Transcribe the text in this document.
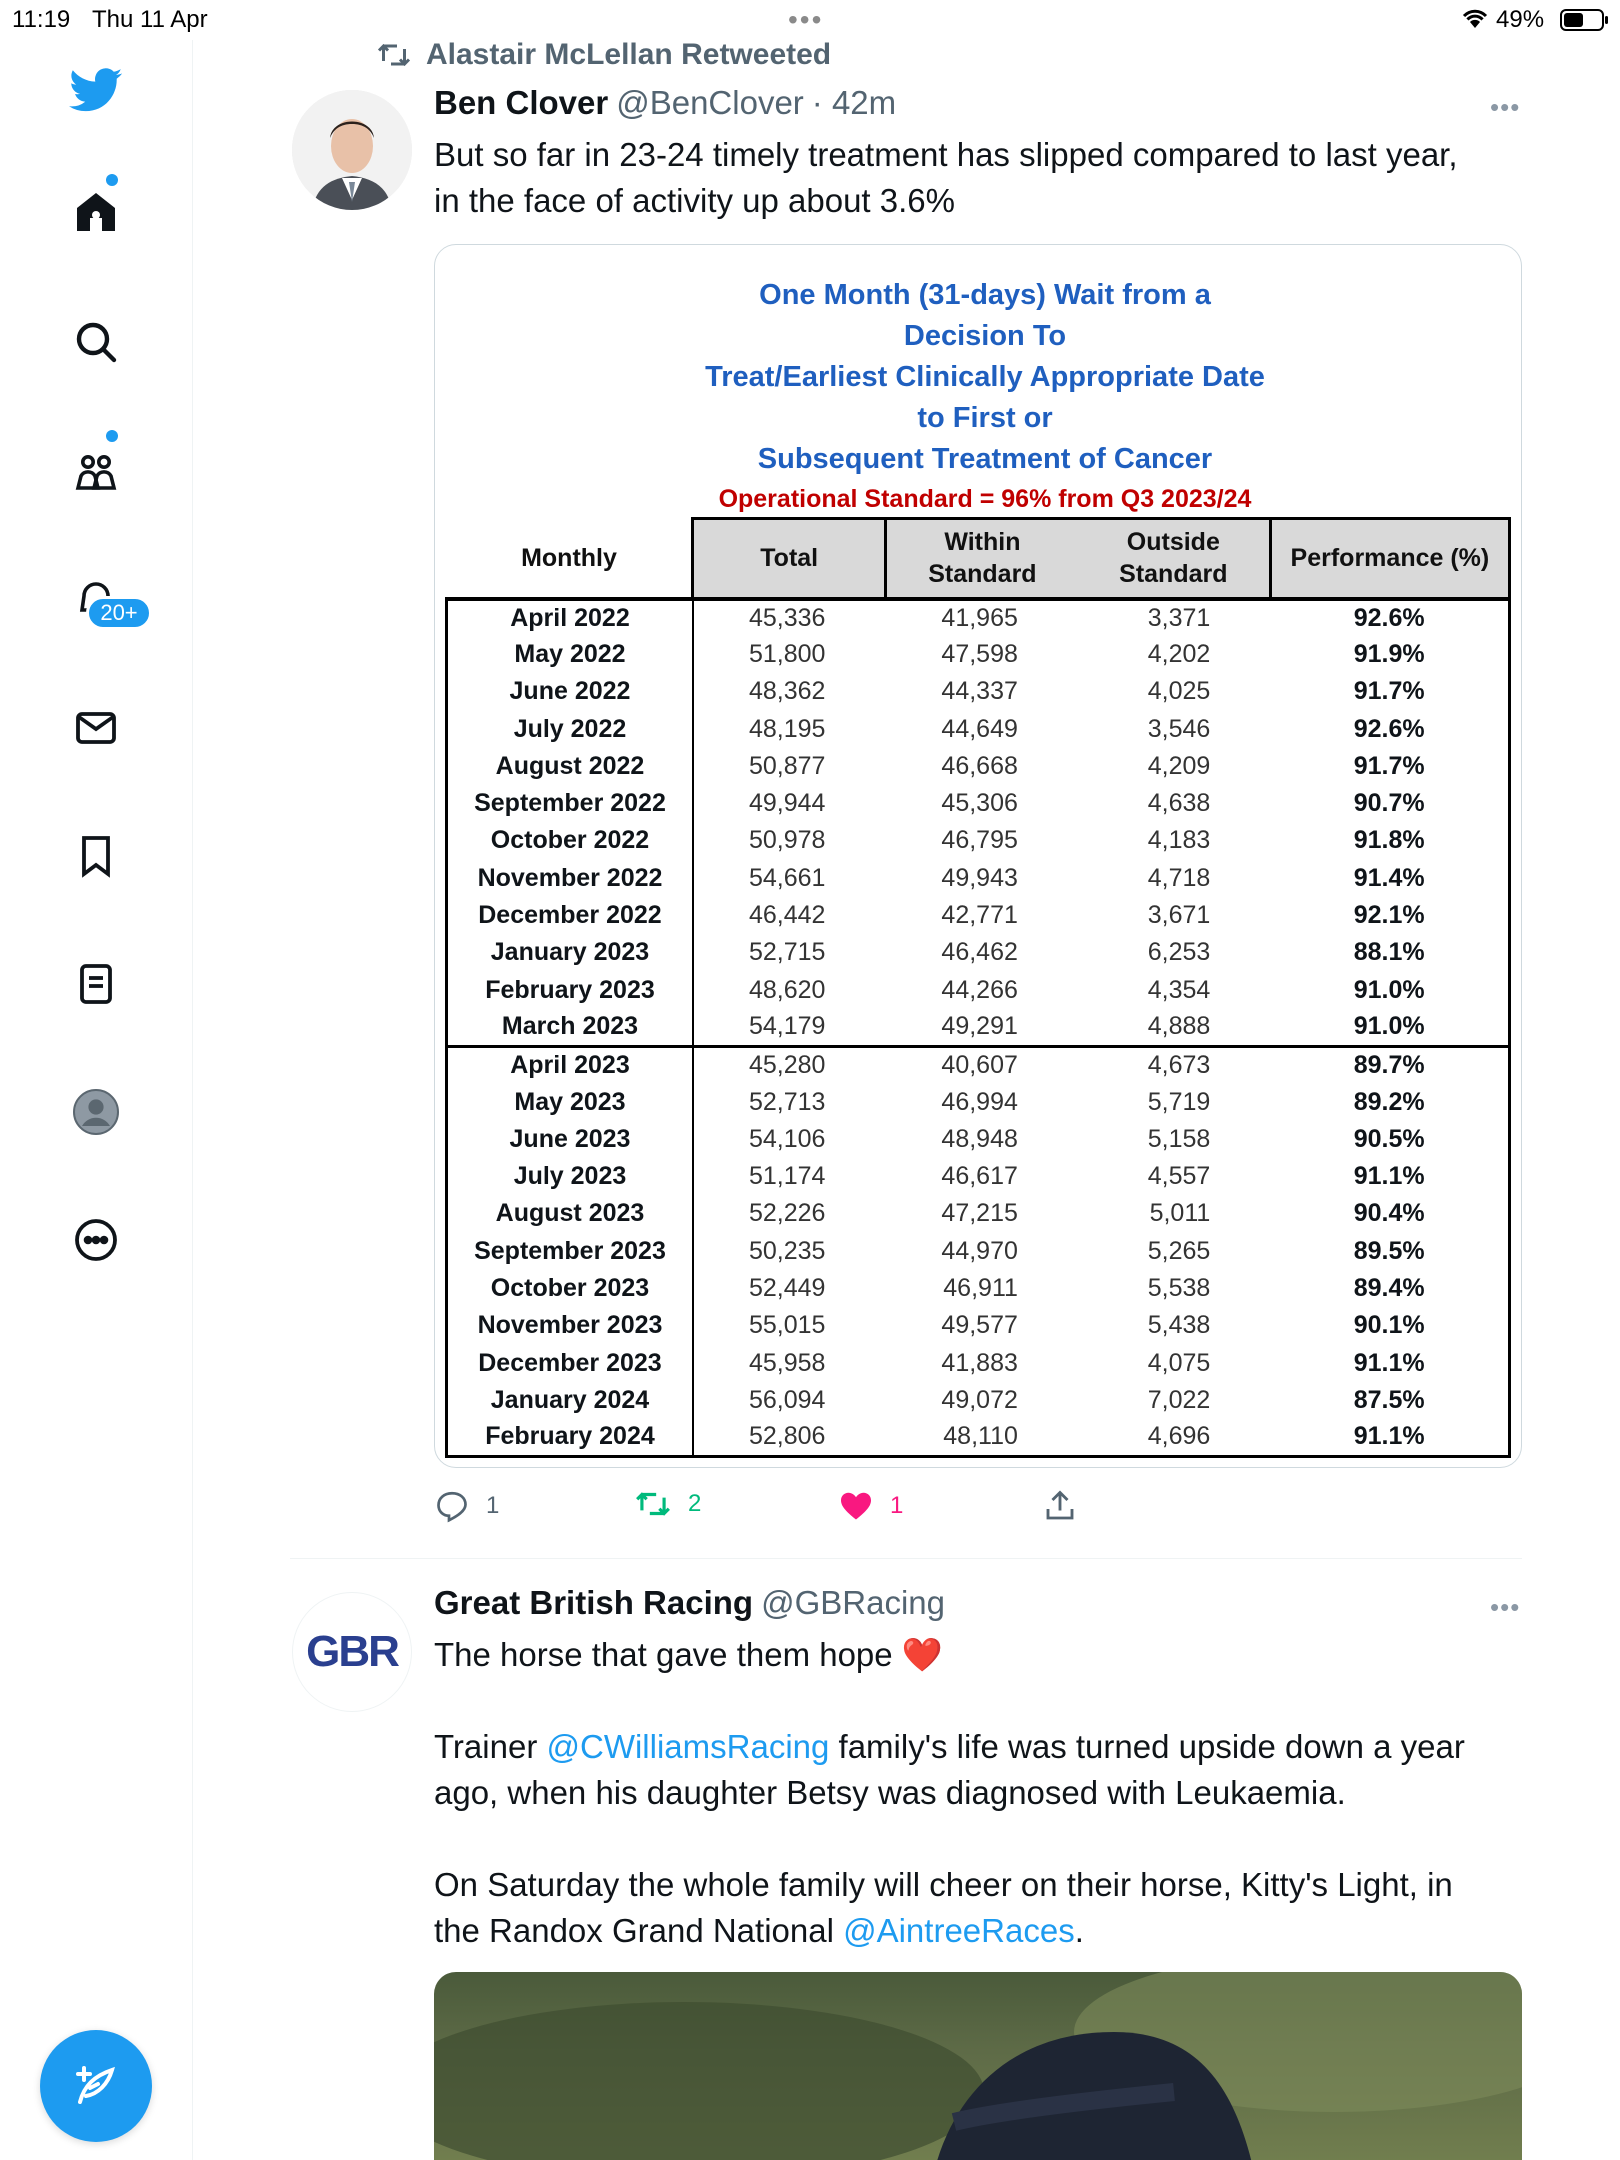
11:19 Thu 11 Apr	•••	49%
20+
Alastair McLellan Retweeted
Ben Clover @BenClover · 42m	•••
But so far in 23-24 timely treatment has slipped compared to last year,
in the face of activity up about 3.6%
One Month (31-days) Wait from a Decision To
Treat/Earliest Clinically Appropriate Date to First or
Subsequent Treatment of Cancer
Operational Standard = 96% from Q3 2023/24
Monthly	Total	Within Standard	Outside Standard	Performance (%)
April 2022	45,336	41,965	3,371	92.6%
May 2022	51,800	47,598	4,202	91.9%
June 2022	48,362	44,337	4,025	91.7%
July 2022	48,195	44,649	3,546	92.6%
August 2022	50,877	46,668	4,209	91.7%
September 2022	49,944	45,306	4,638	90.7%
October 2022	50,978	46,795	4,183	91.8%
November 2022	54,661	49,943	4,718	91.4%
December 2022	46,442	42,771	3,671	92.1%
January 2023	52,715	46,462	6,253	88.1%
February 2023	48,620	44,266	4,354	91.0%
March 2023	54,179	49,291	4,888	91.0%
April 2023	45,280	40,607	4,673	89.7%
May 2023	52,713	46,994	5,719	89.2%
June 2023	54,106	48,948	5,158	90.5%
July 2023	51,174	46,617	4,557	91.1%
August 2023	52,226	47,215	5,011	90.4%
September 2023	50,235	44,970	5,265	89.5%
October 2023	52,449	46,911	5,538	89.4%
November 2023	55,015	49,577	5,438	90.1%
December 2023	45,958	41,883	4,075	91.1%
January 2024	56,094	49,072	7,022	87.5%
February 2024	52,806	48,110	4,696	91.1%
1	2	1
GBR
Great British Racing @GBRacing	•••
The horse that gave them hope ❤️
Trainer @CWilliamsRacing family's life was turned upside down a year
ago, when his daughter Betsy was diagnosed with Leukaemia.
On Saturday the whole family will cheer on their horse, Kitty's Light, in
the Randox Grand National @AintreeRaces.
